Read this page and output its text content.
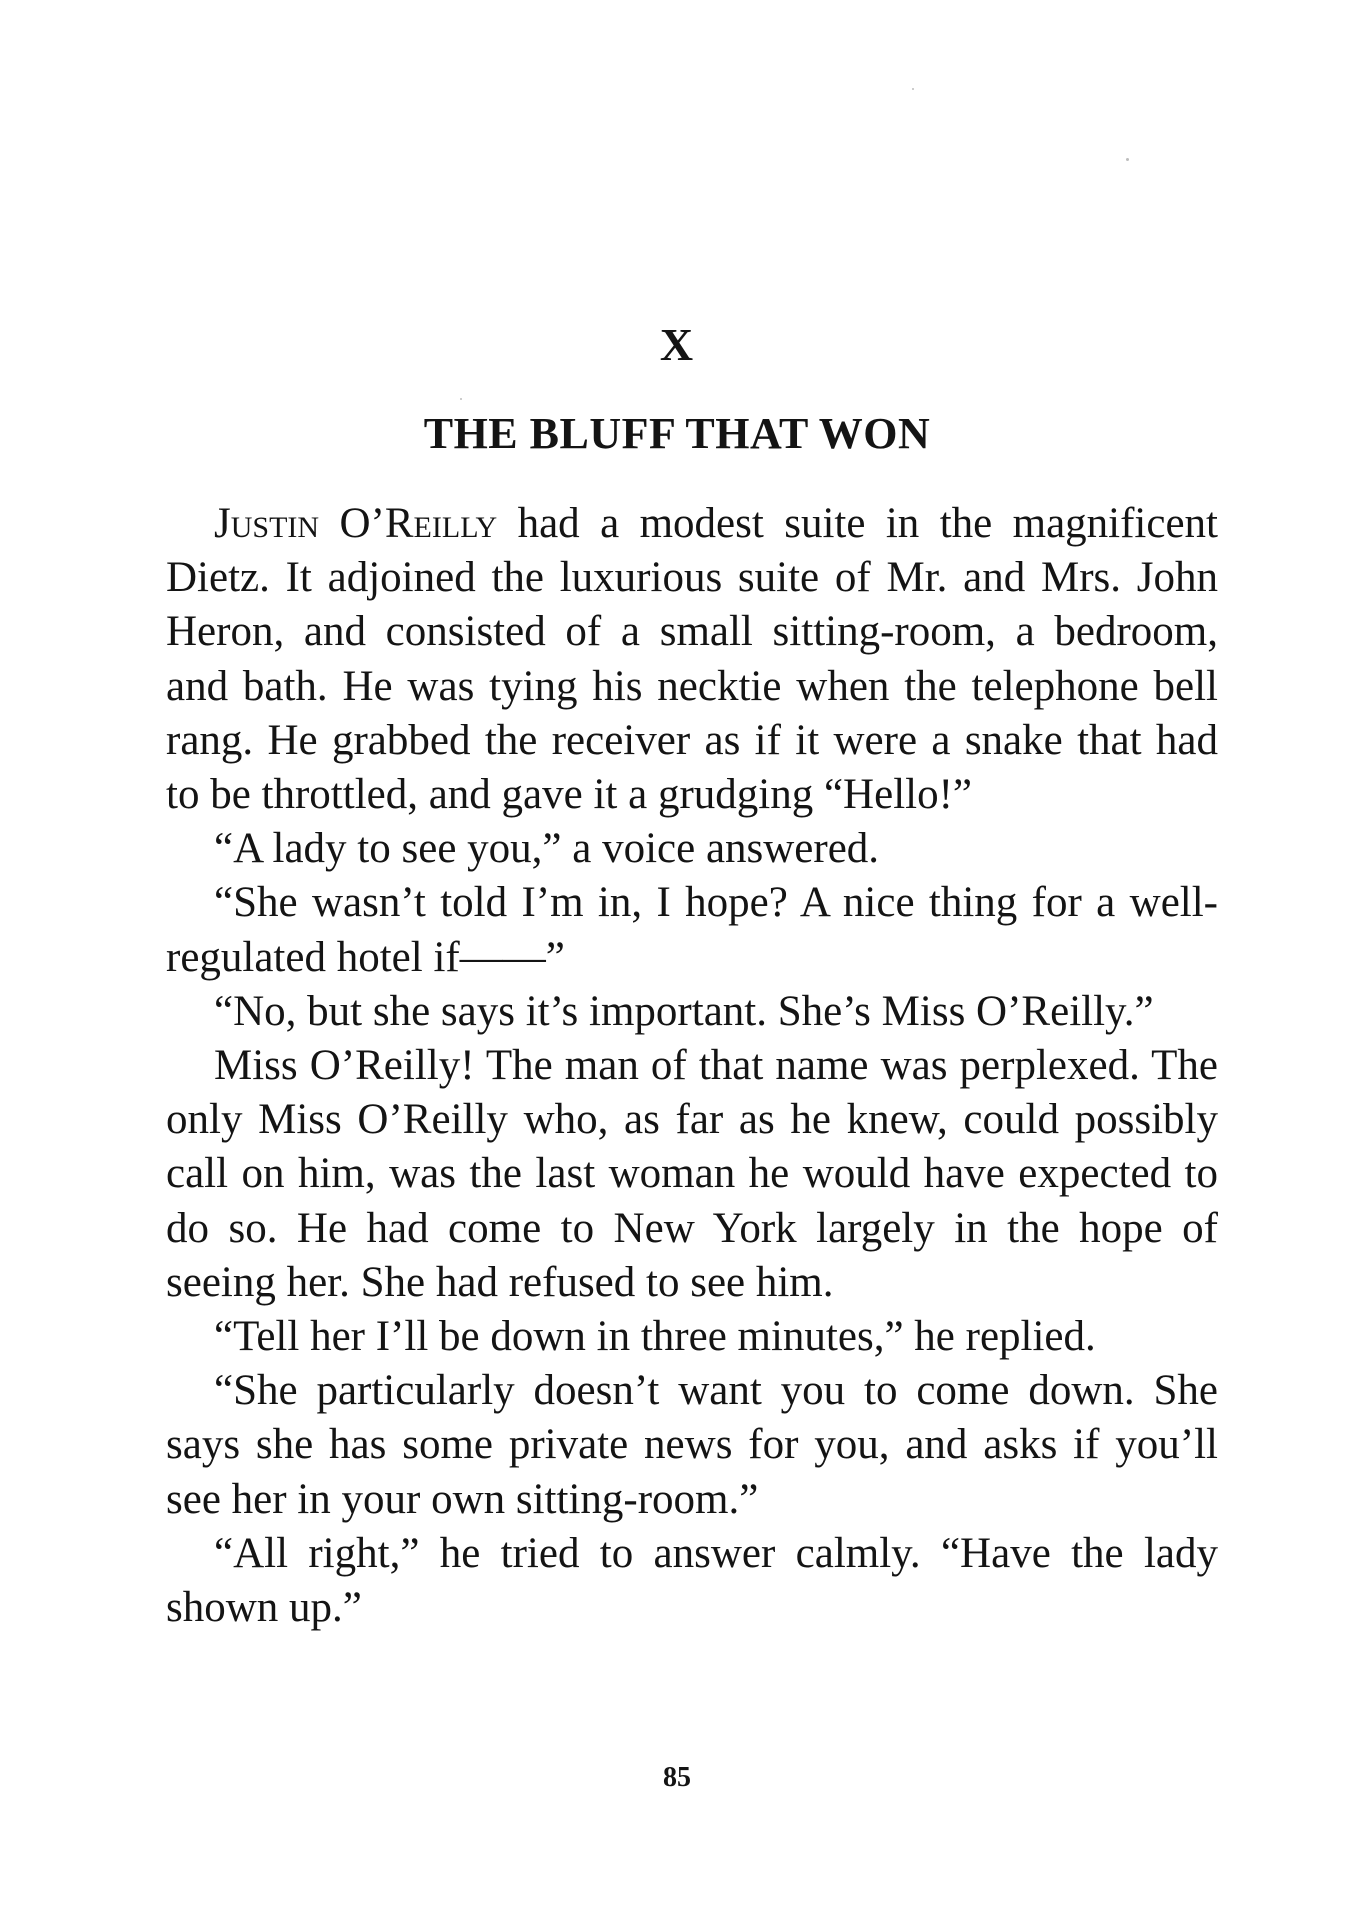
X
THE BLUFF THAT WON

Justin O’Reilly had a modest suite in the magnificent Dietz. It adjoined the luxurious suite of Mr. and Mrs. John Heron, and consisted of a small sitting-room, a bedroom, and bath. He was tying his necktie when the telephone bell rang. He grabbed the receiver as if it were a snake that had to be throttled, and gave it a grudging “Hello!”

“A lady to see you,” a voice answered.

“She wasn’t told I’m in, I hope? A nice thing for a well-regulated hotel if——”

“No, but she says it’s important. She’s Miss O’Reilly.”

Miss O’Reilly! The man of that name was perplexed. The only Miss O’Reilly who, as far as he knew, could possibly call on him, was the last woman he would have expected to do so. He had come to New York largely in the hope of seeing her. She had refused to see him.

“Tell her I’ll be down in three minutes,” he replied.

“She particularly doesn’t want you to come down. She says she has some private news for you, and asks if you’ll see her in your own sitting-room.”

“All right,” he tried to answer calmly. “Have the lady shown up.”

85
